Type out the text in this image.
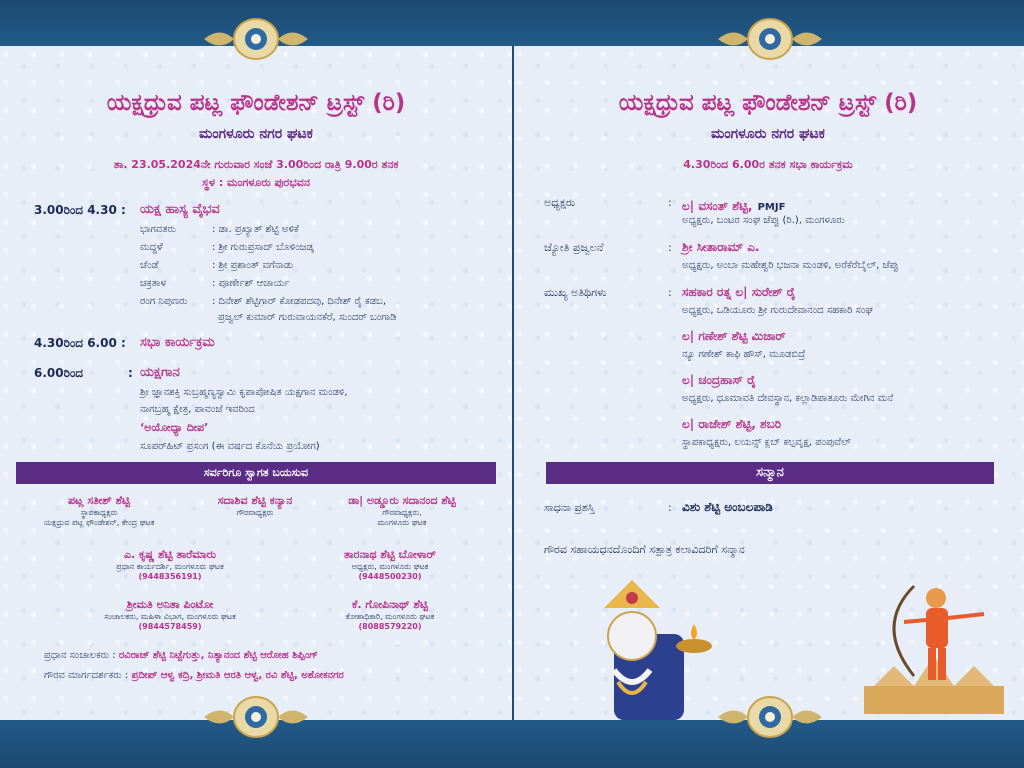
ಯಕ್ಷಧ್ರುವ ಪಟ್ಲ ಫೌಂಡೇಶನ್ ಟ್ರಸ್ಟ್ (ರಿ)
ಮಂಗಳೂರು ನಗರ ಘಟಕ
ತಾ. 23.05.2024ನೇ ಗುರುವಾರ ಸಂಜೆ 3.00ರಿಂದ ರಾತ್ರಿ 9.00ರ ತನಕ
ಸ್ಥಳ : ಮಂಗಳೂರು ಪುರಭವನ
3.00ರಿಂದ 4.30 : ಯಕ್ಷ ಹಾಸ್ಯ ವೈಭವ
ಭಾಗವತರು	: ಡಾ. ಪ್ರಖ್ಯಾತ್ ಶೆಟ್ಟಿ ಅಳಿಕೆ
ಮದ್ದಳೆ	: ಶ್ರೀ ಗುರುಪ್ರಸಾದ್ ಬೊಳಿಂಜಡ್ಕ
ಚೆಂಡೆ	: ಶ್ರೀ ಪ್ರಶಾಂತ್ ವಗೆನಾಡು
ಚಕ್ರತಾಳ	: ಪೂರ್ಣೇಶ್ ಆಚಾರ್ಯ
ರಂಗ ನಿಪುಣರು : ದಿನೇಶ್ ಶೆಟ್ಟಿಗಾರ್ ಕೋಡಪದವು, ದಿನೇಶ್ ರೈ ಕಡಬ,
ಪ್ರಜ್ವಲ್ ಕುಮಾರ್ ಗುರುವಾಯನಕೆರೆ, ಸುಂದರ್ ಬಂಗಾಡಿ
4.30ರಿಂದ 6.00 : ಸಭಾ ಕಾರ್ಯಕ್ರಮ
6.00ರಿಂದ	: ಯಕ್ಷಗಾನ
ಶ್ರೀ ಜ್ಞಾನಶಕ್ತಿ ಸುಬ್ರಹ್ಮಣ್ಯಸ್ವಾಮಿ ಕೃಪಾಪೋಷಿತ ಯಕ್ಷಗಾನ ಮಂಡಳಿ,
ನಾಗಬ್ರಹ್ಮ ಕ್ಷೇತ್ರ, ಪಾವಂಜೆ ಇವರಿಂದ
‘ಅಯೋಧ್ಯಾ ದೀಪ’
ಸೂಪರ್‌ಹಿಟ್ ಪ್ರಸಂಗ (ಈ ವರ್ಷದ ಕೊನೆಯ ಪ್ರಯೋಗ)
ಸರ್ವರಿಗೂ ಸ್ವಾಗತ ಬಯಸುವ
ಪಟ್ಲ ಸತೀಶ್ ಶೆಟ್ಟಿ
ಸ್ಥಾಪಕಾಧ್ಯಕ್ಷರು
ಯಕ್ಷಧ್ರುವ ಪಟ್ಲ ಫೌಂಡೇಶನ್, ಕೇಂದ್ರ ಘಟಕ
ಸದಾಶಿವ ಶೆಟ್ಟಿ ಕನ್ಯಾನ
ಗೌರವಾಧ್ಯಕ್ಷರು
ಡಾ| ಅಡ್ಡೂರು ಸದಾನಂದ ಶೆಟ್ಟಿ
ಗೌರವಾಧ್ಯಕ್ಷರು,
ಮಂಗಳೂರು ಘಟಕ
ಎ. ಕೃಷ್ಣ ಶೆಟ್ಟಿ ತಾರೆಮಾರು
ಪ್ರಧಾನ ಕಾರ್ಯದರ್ಶಿ, ಮಂಗಳೂರು ಘಟಕ
(9448356191)
ತಾರನಾಥ ಶೆಟ್ಟಿ ಬೋಳಾರ್
ಅಧ್ಯಕ್ಷರು, ಮಂಗಳೂರು ಘಟಕ
(9448500230)
ಶ್ರೀಮತಿ ಅನಿತಾ ಪಿಂಟೋ
ಸಂಚಾಲಕರು, ಮಹಿಳಾ ವಿಭಾಗ, ಮಂಗಳೂರು ಘಟಕ
(9844578459)
ಕೆ. ಗೋಪಿನಾಥ್ ಶೆಟ್ಟಿ
ಕೋಶಾಧಿಕಾರಿ, ಮಂಗಳೂರು ಘಟಕ
(8088579220)
ಪ್ರಧಾನ ಸಂಚಾಲಕರು : ರವಿರಾಜ್ ಶೆಟ್ಟಿ ನಿಟ್ಟೆಗುತ್ತು, ನಿತ್ಯಾನಂದ ಶೆಟ್ಟಿ ಆರೋಹ ಶಿಪ್ಪಿಂಗ್
ಗೌರವ ಮಾರ್ಗದರ್ಶಕರು : ಪ್ರದೀಪ್ ಆಳ್ವ ಕದ್ರಿ, ಶ್ರೀಮತಿ ಆರತಿ ಆಳ್ವ, ರವಿ ಶೆಟ್ಟಿ, ಅಶೋಕನಗರ
ಯಕ್ಷಧ್ರುವ ಪಟ್ಲ ಫೌಂಡೇಶನ್ ಟ್ರಸ್ಟ್ (ರಿ)
ಮಂಗಳೂರು ನಗರ ಘಟಕ
4.30ರಿಂದ 6.00ರ ತನಕ ಸಭಾ ಕಾರ್ಯಕ್ರಮ
ಅಧ್ಯಕ್ಷರು	: ಲ| ವಸಂತ್ ಶೆಟ್ಟಿ, PMJF
ಅಧ್ಯಕ್ಷರು, ಬಂಟರ ಸಂಘ ಜೆಪ್ಪು (ರಿ.), ಮಂಗಳೂರು
ಜ್ಯೋತಿ ಪ್ರಜ್ವಲನೆ	: ಶ್ರೀ ಸೀತಾರಾಮ್ ಎ.
ಅಧ್ಯಕ್ಷರು, ಅಂಬಾ ಮಹೇಶ್ವರಿ ಭಜನಾ ಮಂಡಳಿ, ಅರೆಕೆರೆಬೈಲ್, ಜೆಪ್ಪು
ಮುಖ್ಯ ಅತಿಥಿಗಳು	: ಸಹಕಾರ ರತ್ನ ಲ| ಸುರೇಶ್ ರೈ
ಅಧ್ಯಕ್ಷರು, ಒಡಿಯೂರು ಶ್ರೀ ಗುರುದೇವಾನಂದ ಸಹಕಾರಿ ಸಂಘ
ಲ| ಗಣೇಶ್ ಶೆಟ್ಟಿ ಮಿಜಾರ್
ನ್ಯೂ ಗಣೇಶ್ ಕಾಫಿ ಹೌಸ್, ಮೂಡಬಿದ್ರೆ
ಲ| ಚಂದ್ರಹಾಸ್ ರೈ
ಅಧ್ಯಕ್ಷರು, ಧೂಮಾವತಿ ದೇವಸ್ಥಾನ, ಕಲ್ಲಾಡಿಪಾತೂರು ಮೇಗಿನ ಮನೆ
ಲ| ರಾಜೇಶ್ ಶೆಟ್ಟಿ, ಶಬರಿ
ಸ್ಥಾಪಕಾಧ್ಯಕ್ಷರು, ಲಯನ್ಸ್ ಕ್ಲಬ್ ಕಲ್ಪವೃಕ್ಷ, ಪಂಪುವೆಲ್
ಸನ್ಮಾನ
ಸಾಧನಾ ಪ್ರಶಸ್ತಿ	: ವಿಶು ಶೆಟ್ಟಿ ಅಂಬಲಪಾಡಿ
ಗೌರವ ಸಹಾಯಧನದೊಂದಿಗೆ ಸತ್ಪಾತ್ರ ಕಲಾವಿದರಿಗೆ ಸನ್ಮಾನ
